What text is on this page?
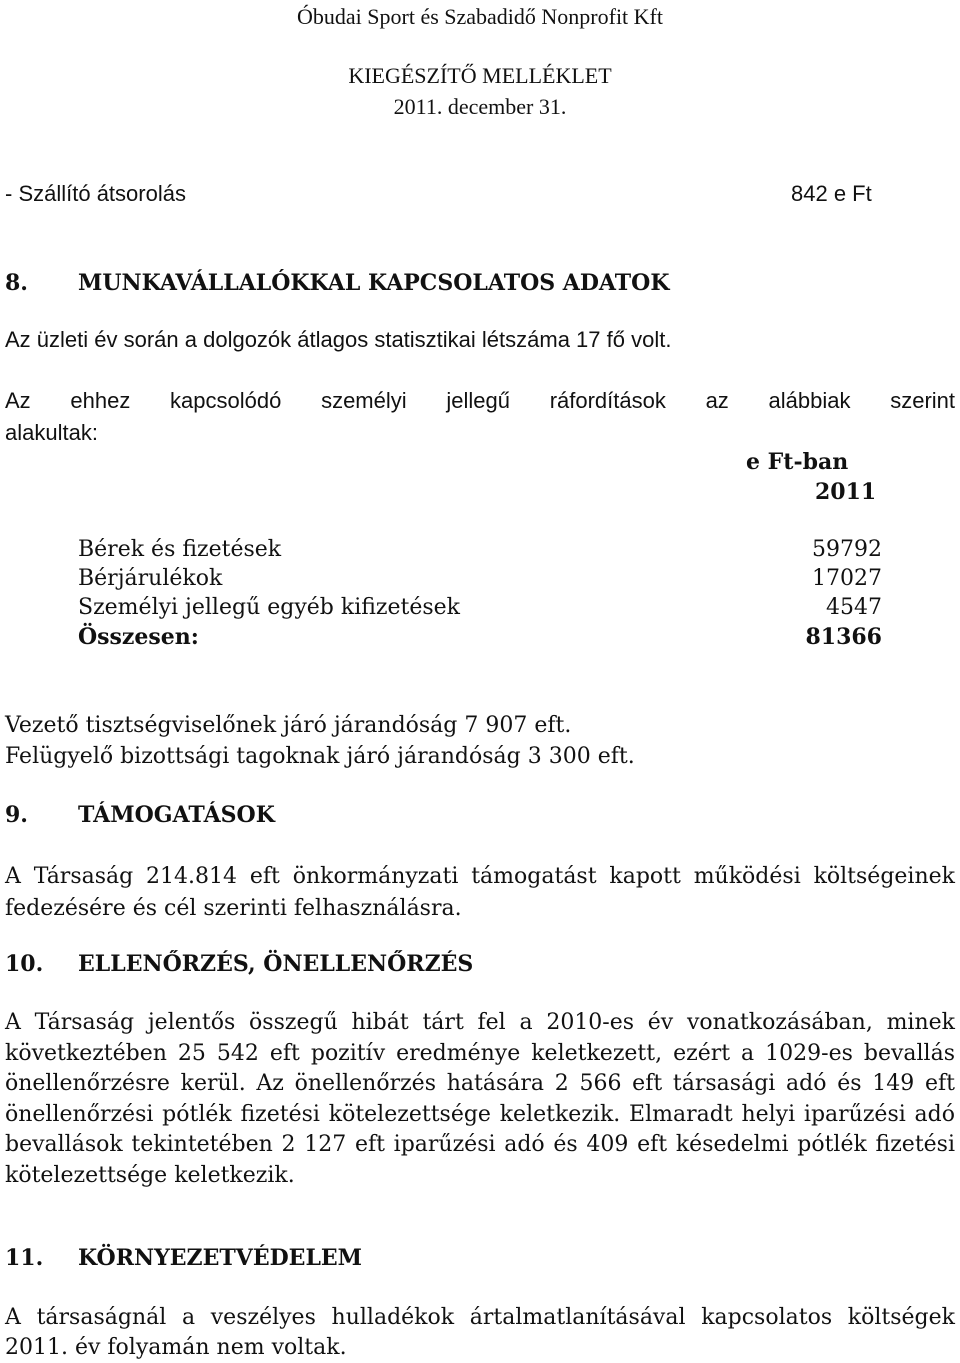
Óbudai Sport és Szabadidő Nonprofit Kft
KIEGÉSZÍTŐ MELLÉKLET
2011. december 31.
- Szállító átsorolás	842 e Ft
8. MUNKAVÁLLALÓKKAL KAPCSOLATOS ADATOK
Az üzleti év során a dolgozók átlagos statisztikai létszáma 17 fő volt.
Az ehhez kapcsolódó személyi jellegű ráfordítások az alábbiak szerint
alakultak:
e Ft-ban
2011
Bérek és fizetések	59792
Bérjárulékok	17027
Személyi jellegű egyéb kifizetések	4547
Összesen:	81366
Vezető tisztségviselőnek járó járandóság 7 907 eft.
Felügyelő bizottsági tagoknak járó járandóság 3 300 eft.
9. TÁMOGATÁSOK
A Társaság 214.814 eft önkormányzati támogatást kapott működési költségeinek fedezésére és cél szerinti felhasználásra.
10. ELLENŐRZÉS, ÖNELLENŐRZÉS
A Társaság jelentős összegű hibát tárt fel a 2010-es év vonatkozásában, minek következtében 25 542 eft pozitív eredménye keletkezett, ezért a 1029-es bevallás önellenőrzésre kerül. Az önellenőrzés hatására 2 566 eft társasági adó és 149 eft önellenőrzési pótlék fizetési kötelezettsége keletkezik. Elmaradt helyi iparűzési adó bevallások tekintetében 2 127 eft iparűzési adó és 409 eft késedelmi pótlék fizetési kötelezettsége keletkezik.
11. KÖRNYEZETVÉDELEM
A társaságnál a veszélyes hulladékok ártalmatlanításával kapcsolatos költségek 2011. év folyamán nem voltak.
